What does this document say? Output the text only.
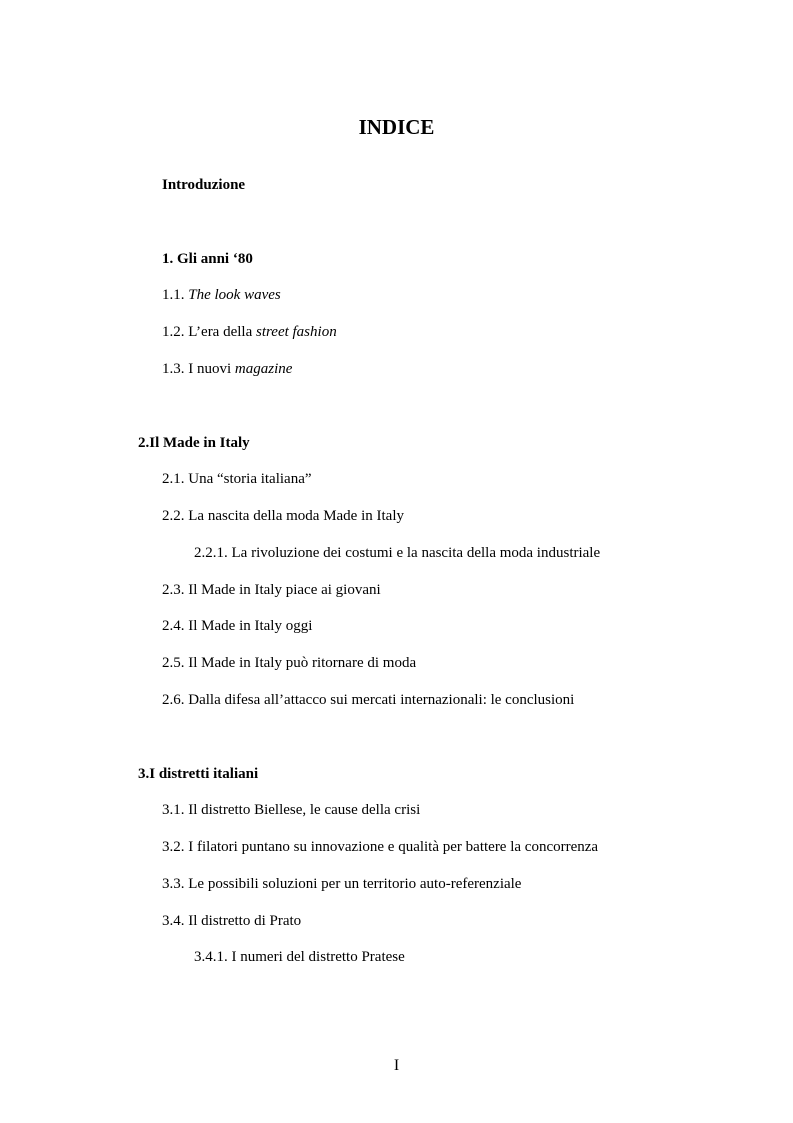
INDICE
Introduzione
1. Gli anni ‘80
1.1. The look waves
1.2. L’era della street fashion
1.3. I nuovi magazine
2.Il Made in Italy
2.1. Una “storia italiana”
2.2. La nascita della moda Made in Italy
2.2.1. La rivoluzione dei costumi e la nascita della moda industriale
2.3. Il Made in Italy piace ai giovani
2.4. Il Made in Italy oggi
2.5. Il Made in Italy può ritornare di moda
2.6. Dalla difesa all’attacco sui mercati internazionali: le conclusioni
3.I distretti italiani
3.1. Il distretto Biellese, le cause della crisi
3.2. I filatori puntano su innovazione e qualità per battere la concorrenza
3.3. Le possibili soluzioni per un territorio auto-referenziale
3.4. Il distretto di Prato
3.4.1. I numeri del distretto Pratese
I
